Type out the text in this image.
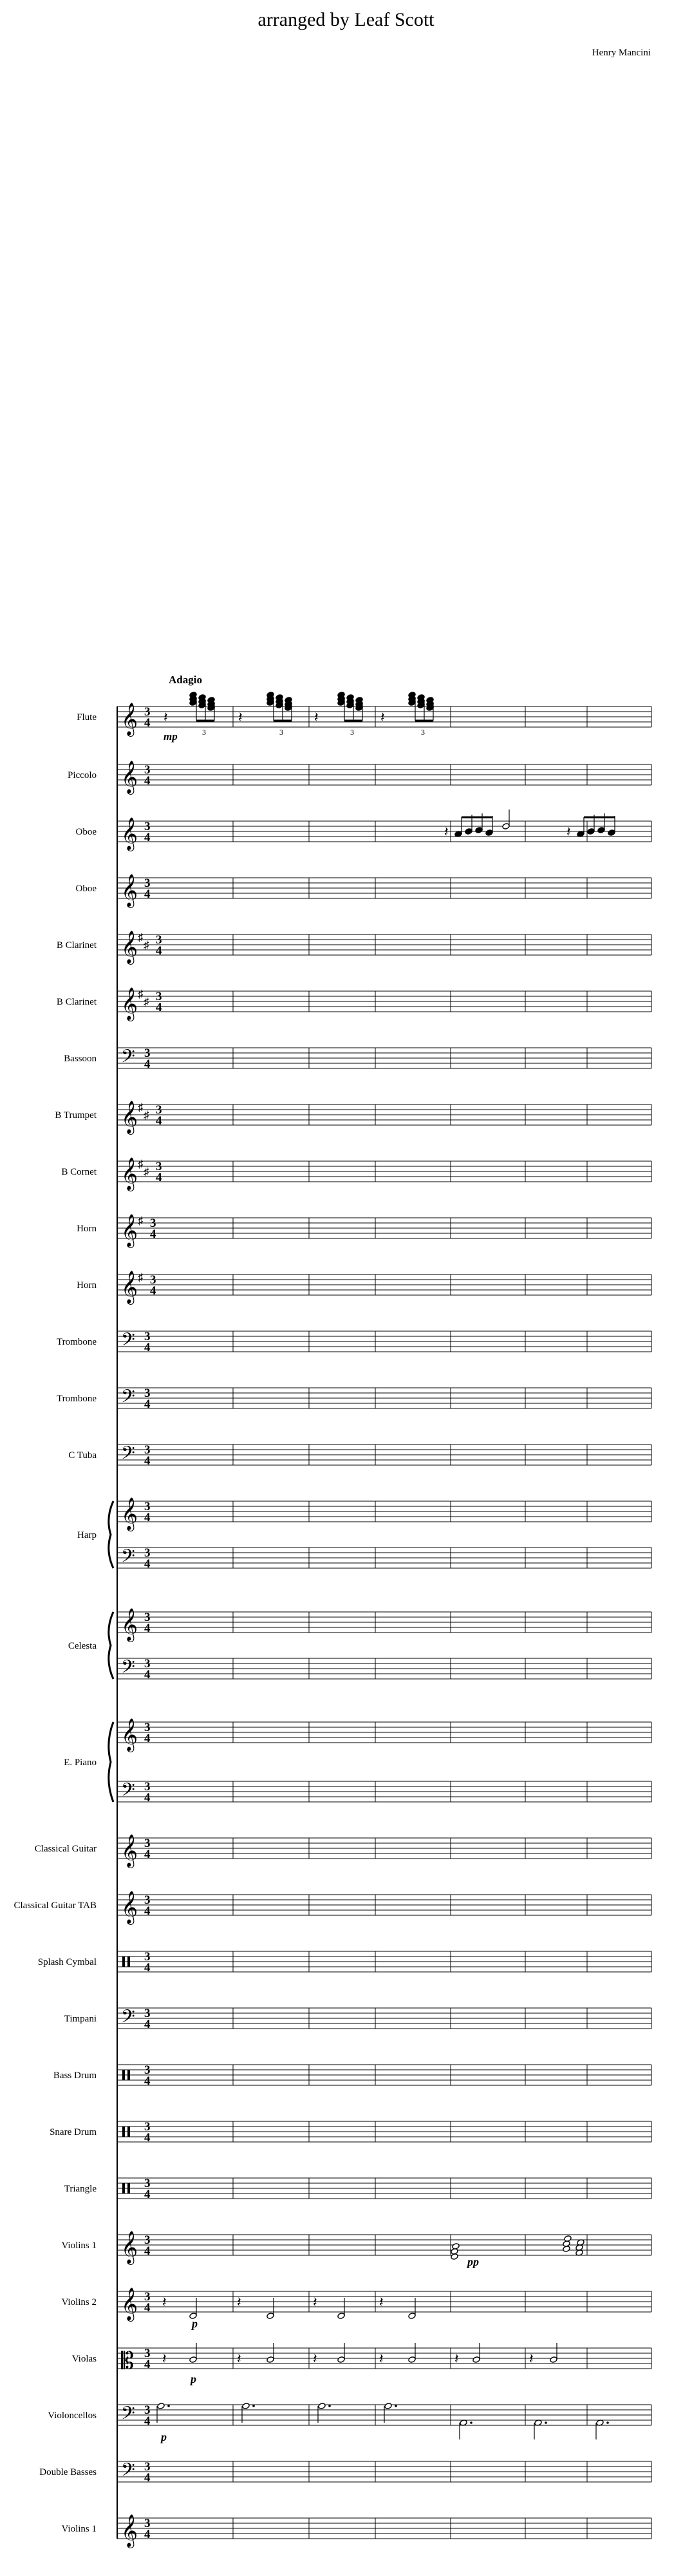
arranged by Leaf Scott
Henry Mancini
Adagio
𝄞 3
4
Flute
𝄞 3
4
Piccolo
𝄞 3
4
Oboe
𝄞 3
4
Oboe
𝄞 ♯
♯ 3
4
B Clarinet
𝄞 ♯
♯ 3
4
B Clarinet
𝄢 3
4
Bassoon
𝄞 ♯
♯ 3
4
B Trumpet
𝄞 ♯
♯ 3
4
B Cornet
𝄞 ♯ 3
4
Horn
𝄞 ♯ 3
4
Horn
𝄢 3
4
Trombone
𝄢 3
4
Trombone
𝄢 3
4
C Tuba
𝄞
𝄢
3
4
3
4
Harp
𝄞
𝄢
3
4
3
4
Celesta
𝄞
𝄢
3
4
3
4
E. Piano
𝄞 3
4
Classical Guitar
𝄞 3
4
Classical Guitar TAB
3
4
Splash Cymbal
𝄢 3
4
Timpani
3
4
Bass Drum
3
4
Snare Drum
3
4
Triangle
𝄞 3
4
Violins 1
𝄞 3
4
Violins 2
𝄡 3
4
Violas
𝄢 3
4
Violoncellos
𝄢 3
4
Double Basses
𝄞 3
4
Violins 1
𝄽
3
𝄽
3
𝄽
3
𝄽
3
mp
𝄽	𝄽
pp
𝄽	𝄽	𝄽	𝄽
p
𝄽	𝄽	𝄽	𝄽	𝄽	𝄽
p
p
